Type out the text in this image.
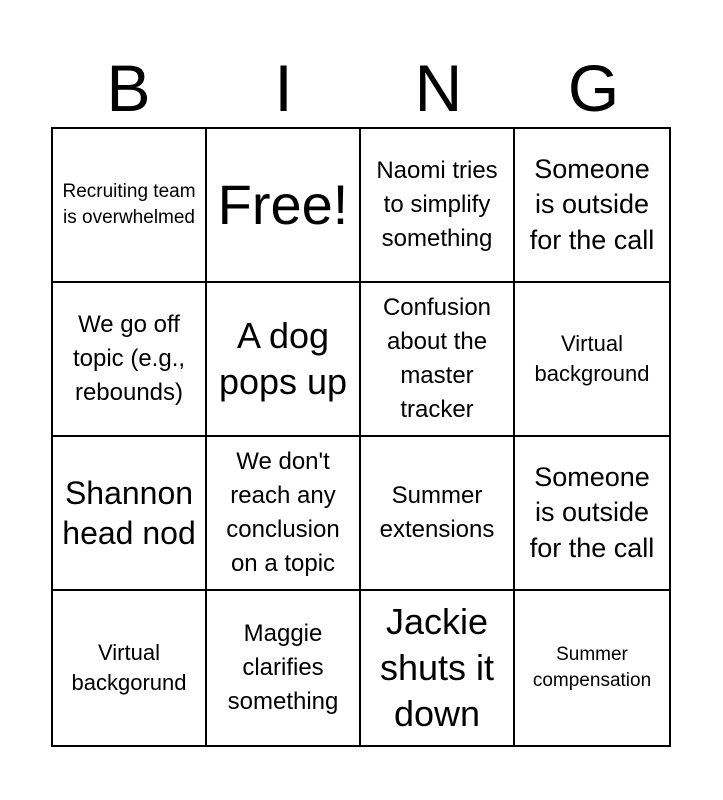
B	I	N	G
Recruiting team is overwhelmed Free!
Naomi tries to simplify something
Someone is outside for the call
We go off topic (e.g., rebounds)
A dog pops up
Confusion about the master tracker
Virtual background
Shannon head nod
We don't reach any conclusion on a topic
Summer extensions
Someone is outside for the call
Virtual backgorund
Maggie clarifies something
Jackie shuts it down
Summer compensation
